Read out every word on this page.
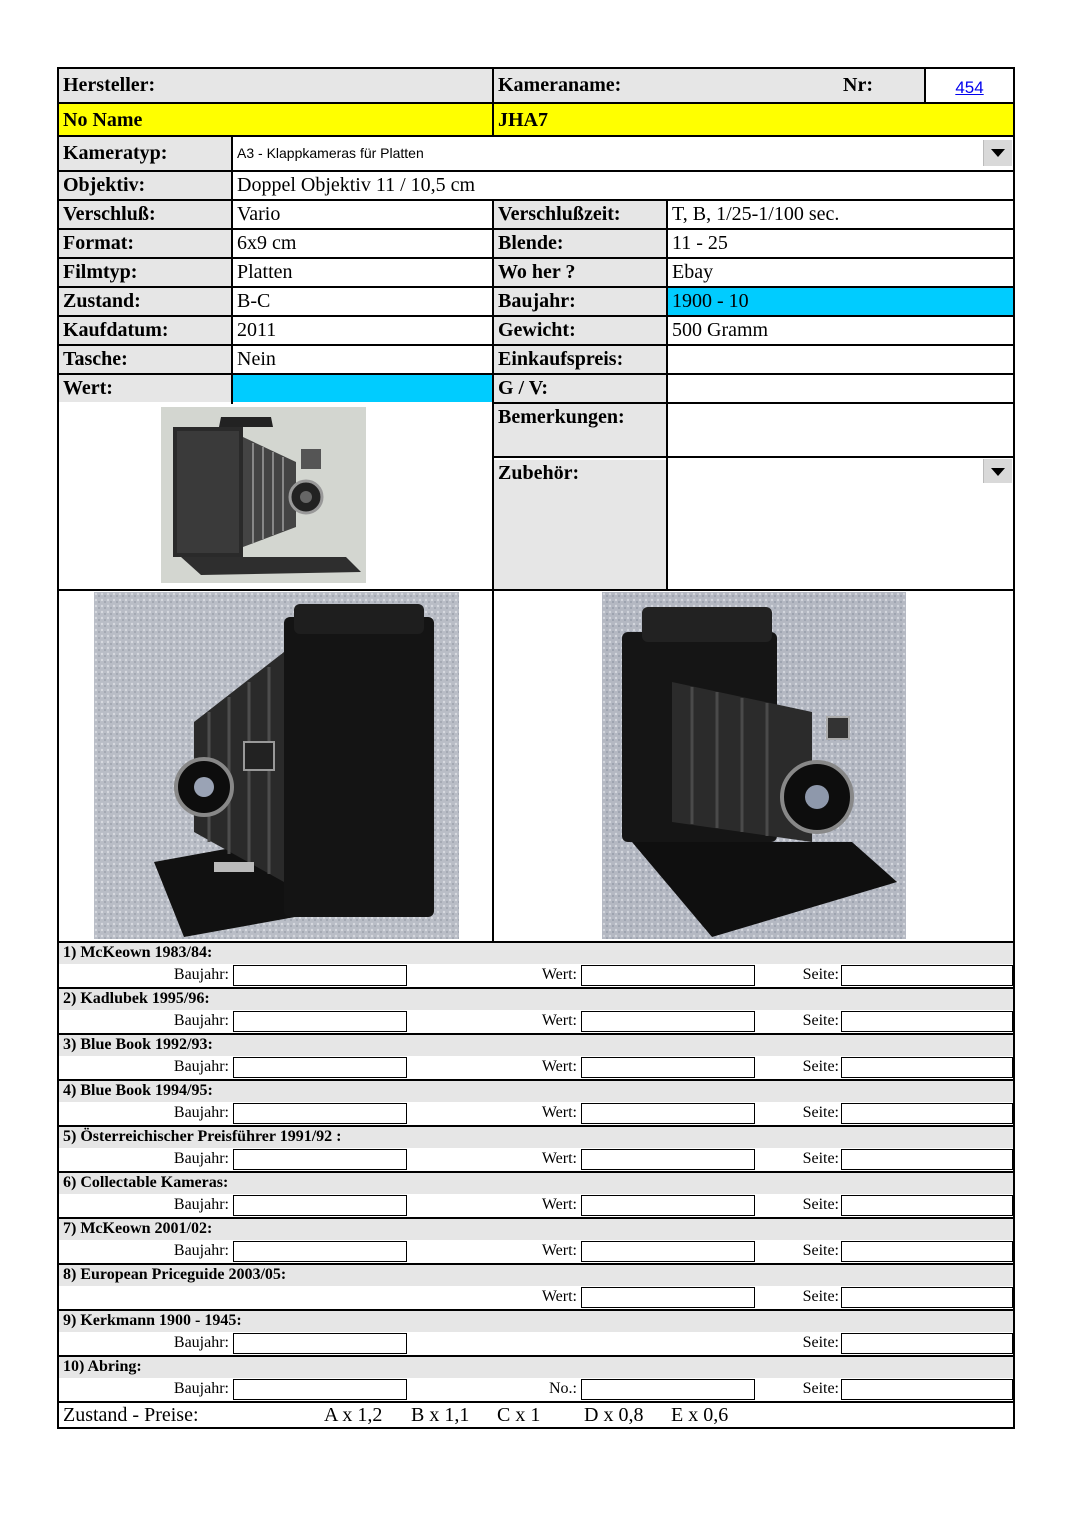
Hersteller:	Kameraname:	Nr:	454
No Name	JHA7
Kameratyp:	A3 - Klappkameras für Platten
Objektiv:	Doppel Objektiv 11 / 10,5 cm
Verschluß:	Vario	Verschlußzeit:	T, B, 1/25-1/100 sec.
Format:	6x9 cm	Blende:	11 - 25
Filmtyp:	Platten	Wo her ?	Ebay
Zustand:	B-C	Baujahr:	1900 - 10
Kaufdatum:	2011	Gewicht:	500 Gramm
Tasche:	Nein	Einkaufspreis:
Wert:	G / V:
Bemerkungen:
Zubehör:
Zustand - Preise:	A x 1,2 B x 1,1 C x 1 D x 0,8 E x 0,6
1) McKeown 1983/84:
Baujahr:	Wert:	Seite:
2) Kadlubek 1995/96:
Baujahr:	Wert:	Seite:
3) Blue Book 1992/93:
Baujahr:	Wert:	Seite:
4) Blue Book 1994/95:
Baujahr:	Wert:	Seite:
5) Österreichischer Preisführer 1991/92 :
Baujahr:	Wert:	Seite:
6) Collectable Kameras:
Baujahr:	Wert:	Seite:
7) McKeown 2001/02:
Baujahr:	Wert:	Seite:
8) European Priceguide 2003/05:
Wert:	Seite:
9) Kerkmann 1900 - 1945:
Baujahr:	Seite:
10) Abring:
Baujahr:	No.:	Seite:
